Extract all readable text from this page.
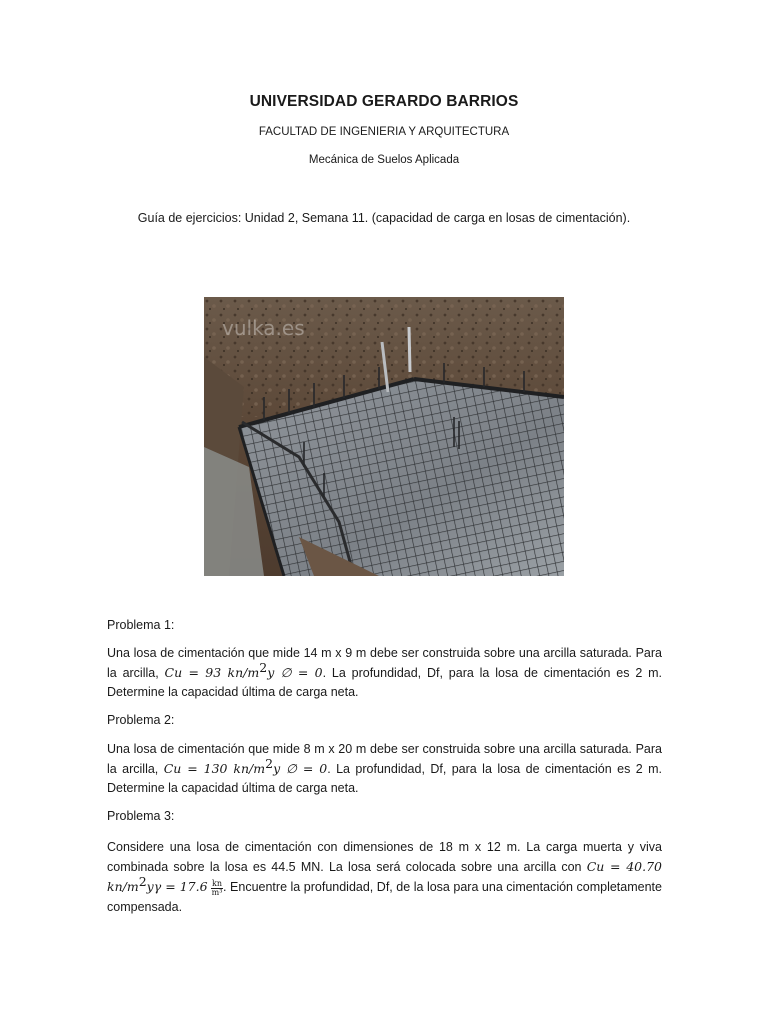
UNIVERSIDAD GERARDO BARRIOS
FACULTAD DE INGENIERIA Y ARQUITECTURA
Mecánica de Suelos Aplicada
Guía de ejercicios: Unidad 2, Semana 11. (capacidad de carga en losas de cimentación).
vulka.es
Problema 1:
Una losa de cimentación que mide 14 m x 9 m debe ser construida sobre una arcilla saturada. Para la arcilla, Cu = 93 $kn/m^2y$ ∅ = 0. La profundidad, Df, para la losa de cimentación es 2 m. Determine la capacidad última de carga neta.
Problema 2:
Una losa de cimentación que mide 8 m x 20 m debe ser construida sobre una arcilla saturada. Para la arcilla, Cu = 130 $kn/m^2y$ ∅ = 0. La profundidad, Df, para la losa de cimentación es 2 m. Determine la capacidad última de carga neta.
Problema 3:
Considere una losa de cimentación con dimensiones de 18 m x 12 m. La carga muerta y viva combinada sobre la losa es 44.5 MN. La losa será colocada sobre una arcilla con Cu = 40.70 $kn/m^2y\gamma = 17.6 \frac{kn}{\text{m³}}$ . Encuentre la profundidad, Df, de la losa para una cimentación completamente compensada.
